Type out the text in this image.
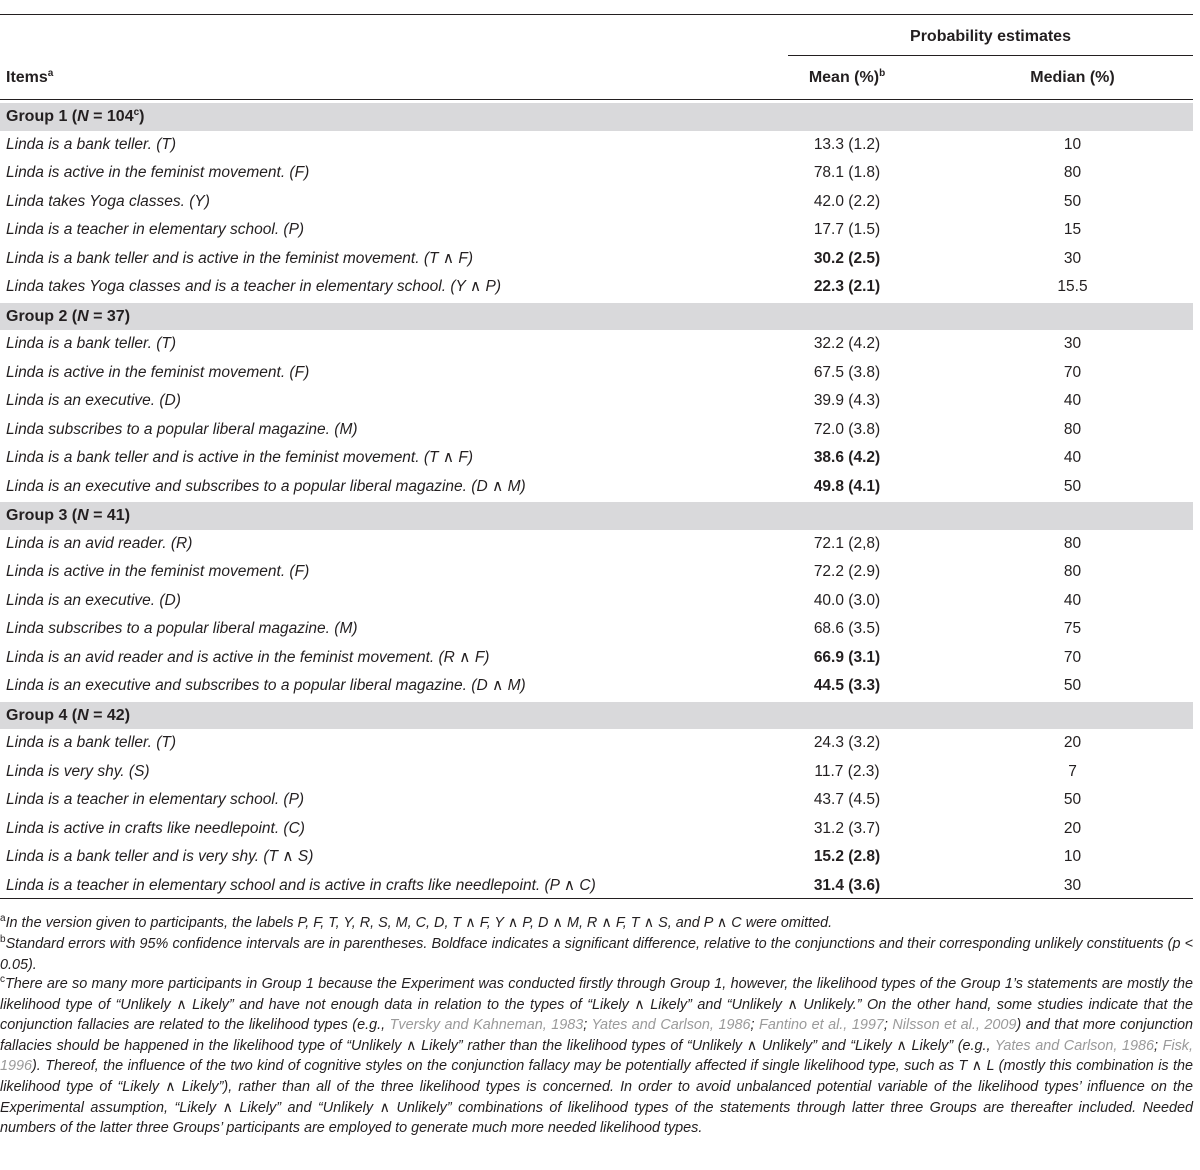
Probability estimates
Items$^a$	Mean (%)$^b$	Median (%)
Group 1 $(N = 104^c)$
Linda is a bank teller. (T)	13.3 (1.2)	10
Linda is active in the feminist movement. (F)	78.1 (1.8)	80
Linda takes Yoga classes. (Y)	42.0 (2.2)	50
Linda is a teacher in elementary school. (P)	17.7 (1.5)	15
Linda is a bank teller and is active in the feminist movement. (T ∧ F)	30.2 (2.5)	30
Linda takes Yoga classes and is a teacher in elementary school. (Y ∧ P)	22.3 (2.1)	15.5
Group 2 (N = 37)
Linda is a bank teller. (T)	32.2 (4.2)	30
Linda is active in the feminist movement. (F)	67.5 (3.8)	70
Linda is an executive. (D)	39.9 (4.3)	40
Linda subscribes to a popular liberal magazine. (M)	72.0 (3.8)	80
Linda is a bank teller and is active in the feminist movement. (T ∧ F)	38.6 (4.2)	40
Linda is an executive and subscribes to a popular liberal magazine. (D ∧ M)	49.8 (4.1)	50
Group 3 (N = 41)
Linda is an avid reader. (R)	72.1 (2,8)	80
Linda is active in the feminist movement. (F)	72.2 (2.9)	80
Linda is an executive. (D)	40.0 (3.0)	40
Linda subscribes to a popular liberal magazine. (M)	68.6 (3.5)	75
Linda is an avid reader and is active in the feminist movement. (R ∧ F)	66.9 (3.1)	70
Linda is an executive and subscribes to a popular liberal magazine. (D ∧ M)	44.5 (3.3)	50
Group 4 (N = 42)
Linda is a bank teller. (T)	24.3 (3.2)	20
Linda is very shy. (S)	11.7 (2.3)	7
Linda is a teacher in elementary school. (P)	43.7 (4.5)	50
Linda is active in crafts like needlepoint. (C)	31.2 (3.7)	20
Linda is a bank teller and is very shy. (T ∧ S)	15.2 (2.8)	10
Linda is a teacher in elementary school and is active in crafts like needlepoint. (P ∧ C)	31.4 (3.6)	30
$^a$In the version given to participants, the labels P, F, T, Y, R, S, M, C, D, T ∧ F, Y ∧ P, D ∧ M, R ∧ F, T ∧ S, and P ∧ C were omitted.
$^b$Standard errors with 95% confidence intervals are in parentheses. Boldface indicates a significant difference, relative to the conjunctions and their corresponding unlikely constituents (p < 0.05).
$^c$There are so many more participants in Group 1 because the Experiment was conducted firstly through Group 1, however, the likelihood types of the Group 1’s statements are mostly the likelihood type of “Unlikely ∧ Likely” and have not enough data in relation to the types of “Likely ∧ Likely” and “Unlikely ∧ Unlikely.” On the other hand, some studies indicate that the conjunction fallacies are related to the likelihood types (e.g., Tversky and Kahneman, 1983; Yates and Carlson, 1986; Fantino et al., 1997; Nilsson et al., 2009) and that more conjunction fallacies should be happened in the likelihood type of “Unlikely ∧ Likely” rather than the likelihood types of “Unlikely ∧ Unlikely” and “Likely ∧ Likely” (e.g., Yates and Carlson, 1986; Fisk, 1996). Thereof, the influence of the two kind of cognitive styles on the conjunction fallacy may be potentially affected if single likelihood type, such as T ∧ L (mostly this combination is the likelihood type of “Likely ∧ Likely”), rather than all of the three likelihood types is concerned. In order to avoid unbalanced potential variable of the likelihood types’ influence on the Experimental assumption, “Likely ∧ Likely” and “Unlikely ∧ Unlikely” combinations of likelihood types of the statements through latter three Groups are thereafter included. Needed numbers of the latter three Groups’ participants are employed to generate much more needed likelihood types.
